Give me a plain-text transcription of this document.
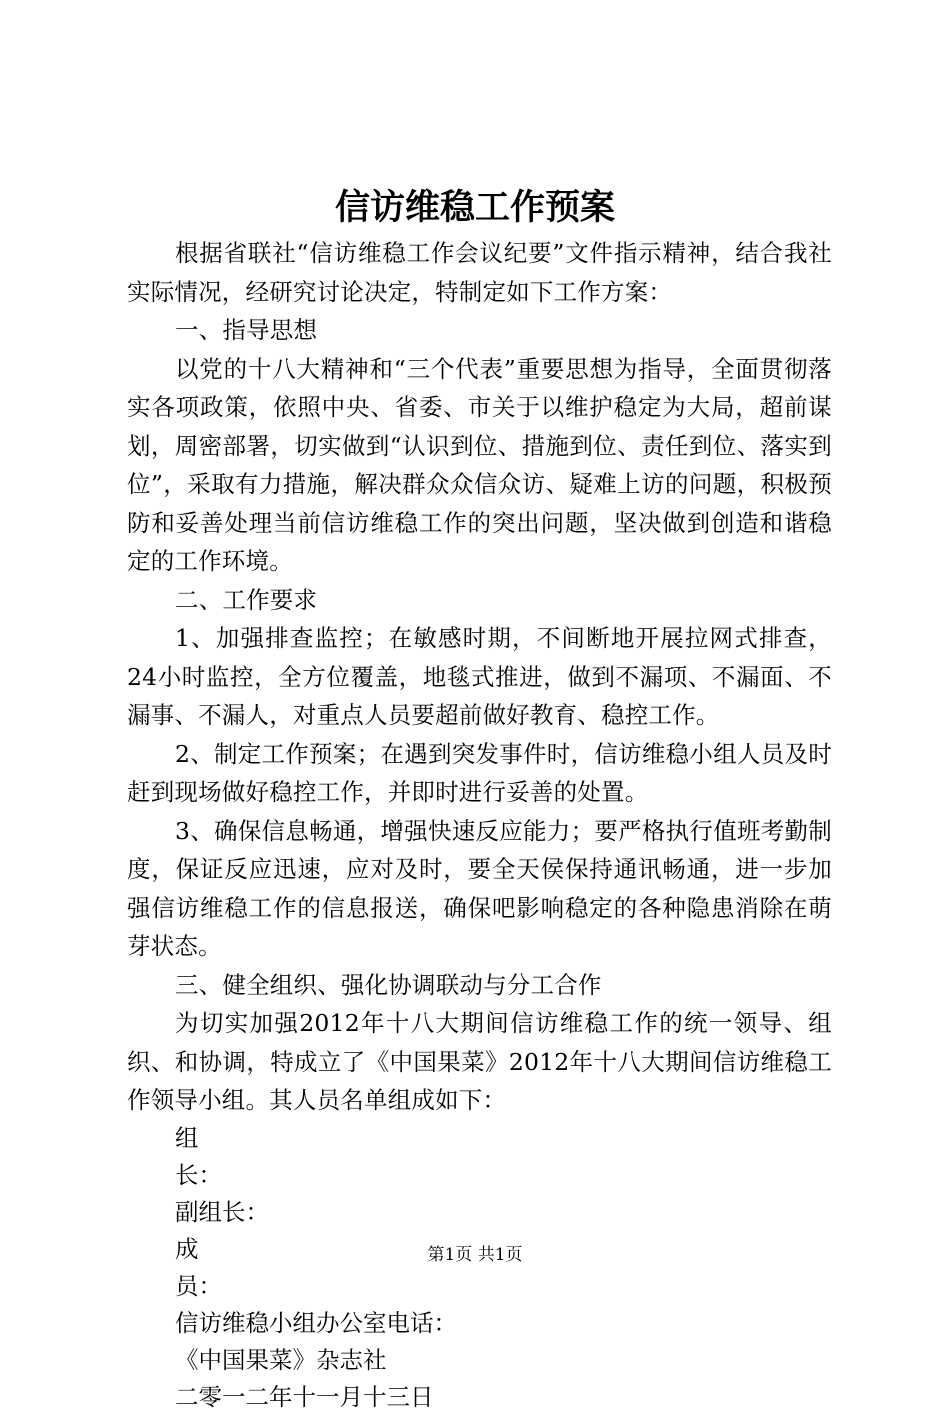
信访维稳工作预案

根据省联社“信访维稳工作会议纪要”文件指示精神，结合我社实际情况，经研究讨论决定，特制定如下工作方案：

一、指导思想

以党的十八大精神和“三个代表”重要思想为指导，全面贯彻落实各项政策，依照中央、省委、市关于以维护稳定为大局，超前谋划，周密部署，切实做到“认识到位、措施到位、责任到位、落实到位”，采取有力措施，解决群众众信众访、疑难上访的问题，积极预防和妥善处理当前信访维稳工作的突出问题，坚决做到创造和谐稳定的工作环境。

二、工作要求

1、加强排查监控；在敏感时期，不间断地开展拉网式排查，24小时监控，全方位覆盖，地毯式推进，做到不漏项、不漏面、不漏事、不漏人，对重点人员要超前做好教育、稳控工作。

2、制定工作预案；在遇到突发事件时，信访维稳小组人员及时赶到现场做好稳控工作，并即时进行妥善的处置。

3、确保信息畅通，增强快速反应能力；要严格执行值班考勤制度，保证反应迅速，应对及时，要全天侯保持通讯畅通，进一步加强信访维稳工作的信息报送，确保吧影响稳定的各种隐患消除在萌芽状态。

三、健全组织、强化协调联动与分工合作

为切实加强2012年十八大期间信访维稳工作的统一领导、组织、和协调，特成立了《中国果菜》2012年十八大期间信访维稳工作领导小组。其人员名单组成如下：

组

长：

副组长：

成

员：

信访维稳小组办公室电话：

《中国果菜》杂志社

二零一二年十一月十三日

第1页 共1页
